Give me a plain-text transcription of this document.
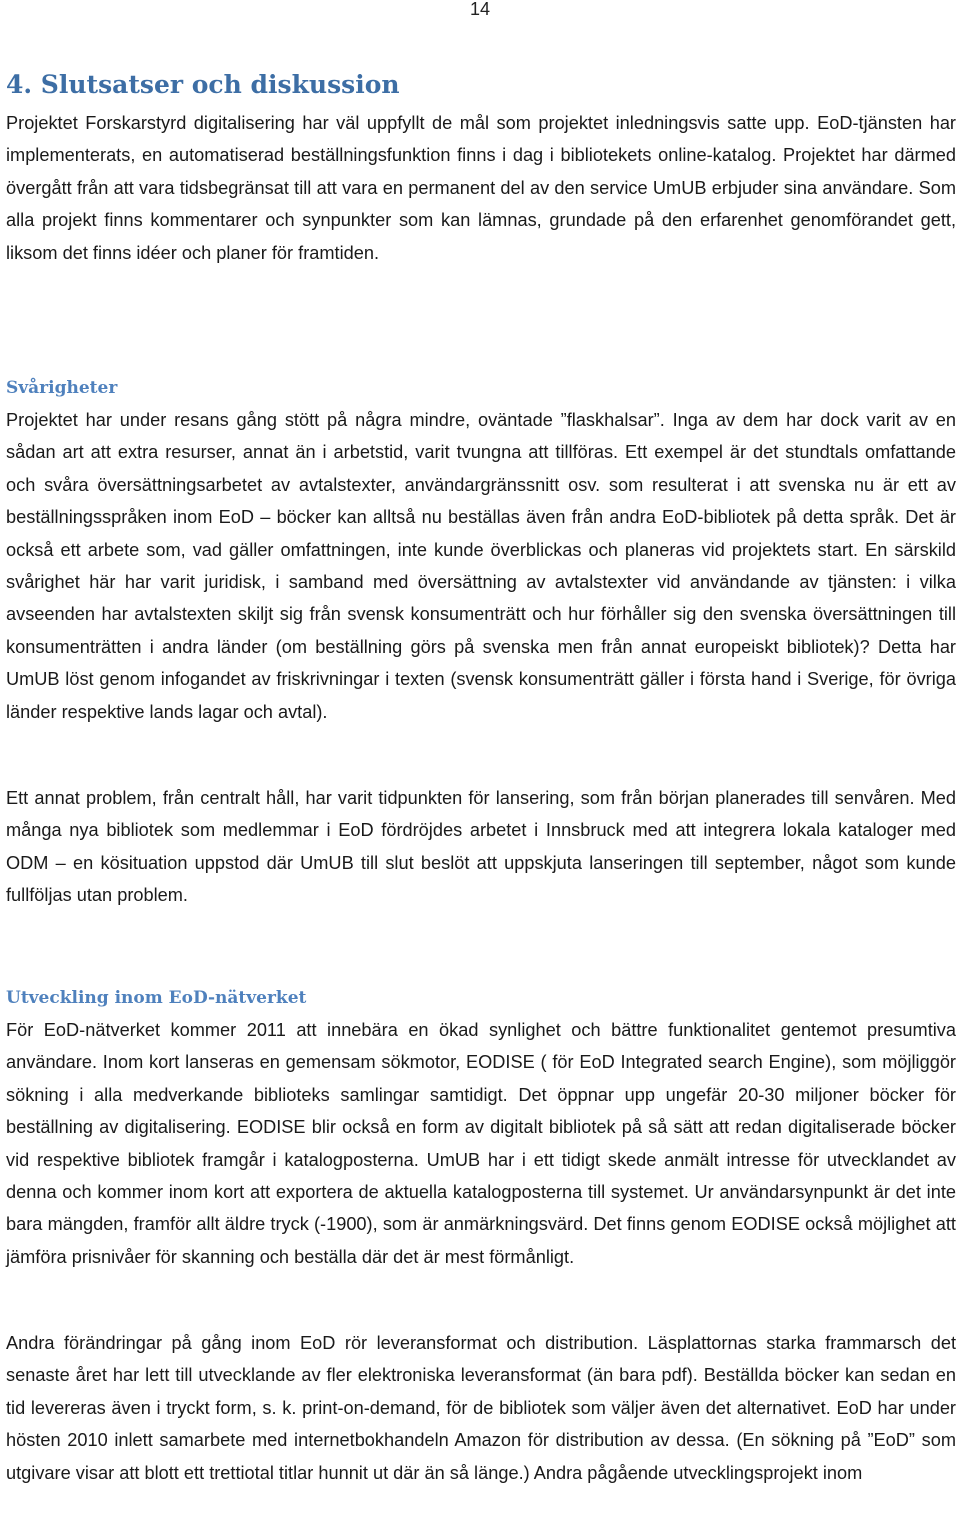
14
4. Slutsatser och diskussion

Projektet Forskarstyrd digitalisering har väl uppfyllt de mål som projektet inledningsvis satte upp. EoD-tjänsten har implementerats, en automatiserad beställningsfunktion finns i dag i bibliotekets online-katalog. Projektet har därmed övergått från att vara tidsbegränsat till att vara en permanent del av den service UmUB erbjuder sina användare. Som alla projekt finns kommentarer och synpunkter som kan lämnas, grundade på den erfarenhet genomförandet gett, liksom det finns idéer och planer för framtiden.

Svårigheter

Projektet har under resans gång stött på några mindre, oväntade ”flaskhalsar”. Inga av dem har dock varit av en sådan art att extra resurser, annat än i arbetstid, varit tvungna att tillföras. Ett exempel är det stundtals omfattande och svåra översättningsarbetet av avtalstexter, användargränssnitt osv. som resulterat i att svenska nu är ett av beställningsspråken inom EoD – böcker kan alltså nu beställas även från andra EoD-bibliotek på detta språk. Det är också ett arbete som, vad gäller omfattningen, inte kunde överblickas och planeras vid projektets start. En särskild svårighet här har varit juridisk, i samband med översättning av avtalstexter vid användande av tjänsten: i vilka avseenden har avtalstexten skiljt sig från svensk konsumenträtt och hur förhåller sig den svenska översättningen till konsumenträtten i andra länder (om beställning görs på svenska men från annat europeiskt bibliotek)? Detta har UmUB löst genom infogandet av friskrivningar i texten (svensk konsumenträtt gäller i första hand i Sverige, för övriga länder respektive lands lagar och avtal).

Ett annat problem, från centralt håll, har varit tidpunkten för lansering, som från början planerades till senvåren. Med många nya bibliotek som medlemmar i EoD fördröjdes arbetet i Innsbruck med att integrera lokala kataloger med ODM – en kösituation uppstod där UmUB till slut beslöt att uppskjuta lanseringen till september, något som kunde fullföljas utan problem.

Utveckling inom EoD-nätverket

För EoD-nätverket kommer 2011 att innebära en ökad synlighet och bättre funktionalitet gentemot presumtiva användare. Inom kort lanseras en gemensam sökmotor, EODISE ( för EoD Integrated search Engine), som möjliggör sökning i alla medverkande biblioteks samlingar samtidigt. Det öppnar upp ungefär 20-30 miljoner böcker för beställning av digitalisering. EODISE blir också en form av digitalt bibliotek på så sätt att redan digitaliserade böcker vid respektive bibliotek framgår i katalogposterna. UmUB har i ett tidigt skede anmält intresse för utvecklandet av denna och kommer inom kort att exportera de aktuella katalogposterna till systemet. Ur användarsynpunkt är det inte bara mängden, framför allt äldre tryck (-1900), som är anmärkningsvärd. Det finns genom EODISE också möjlighet att jämföra prisnivåer för skanning och beställa där det är mest förmånligt.

Andra förändringar på gång inom EoD rör leveransformat och distribution. Läsplattornas starka frammarsch det senaste året har lett till utvecklande av fler elektroniska leveransformat (än bara pdf). Beställda böcker kan sedan en tid levereras även i tryckt form, s. k. print-on-demand, för de bibliotek som väljer även det alternativet. EoD har under hösten 2010 inlett samarbete med internetbokhandeln Amazon för distribution av dessa. (En sökning på ”EoD” som utgivare visar att blott ett trettiotal titlar hunnit ut där än så länge.) Andra pågående utvecklingsprojekt inom
